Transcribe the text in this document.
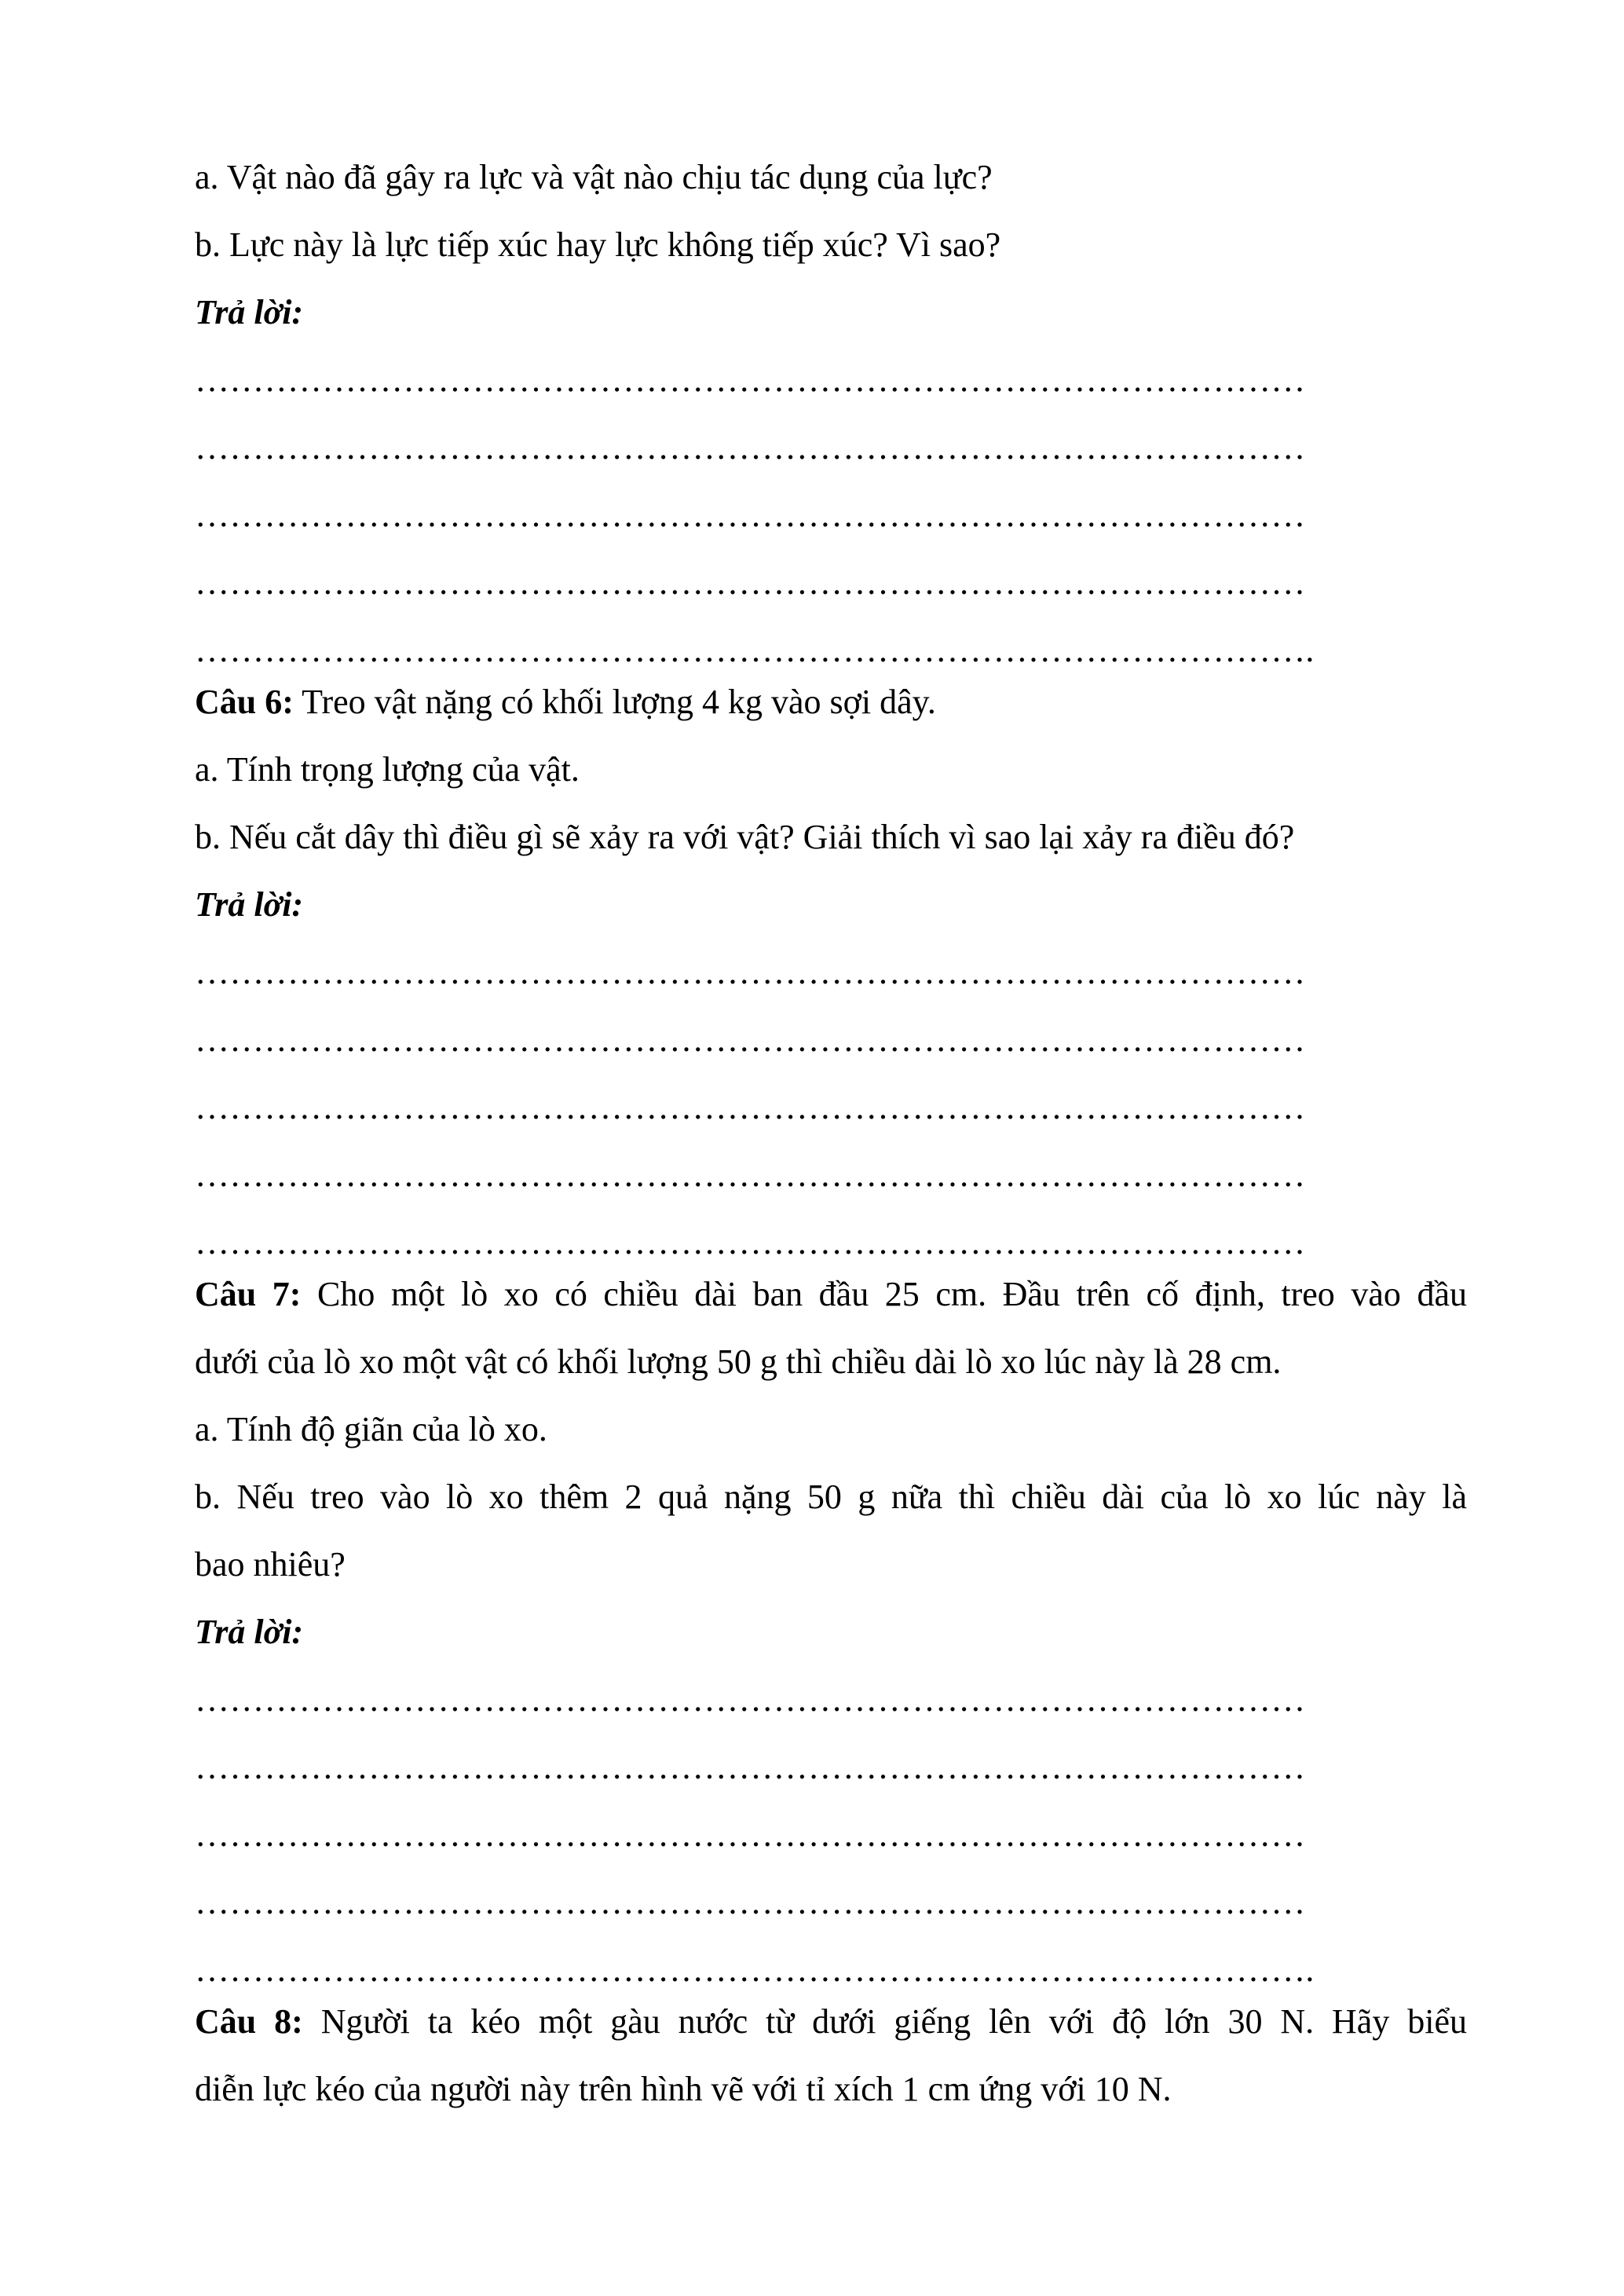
a. Vật nào đã gây ra lực và vật nào chịu tác dụng của lực?
b. Lực này là lực tiếp xúc hay lực không tiếp xúc? Vì sao?
Trả lời:
……………………………………………………………………………………
……………………………………………………………………………………
……………………………………………………………………………………
……………………………………………………………………………………
…………………………………………………………………………………….
Câu 6: Treo vật nặng có khối lượng 4 kg vào sợi dây.
a. Tính trọng lượng của vật.
b. Nếu cắt dây thì điều gì sẽ xảy ra với vật? Giải thích vì sao lại xảy ra điều đó?
Trả lời:
……………………………………………………………………………………
……………………………………………………………………………………
……………………………………………………………………………………
……………………………………………………………………………………
……………………………………………………………………………………
Câu 7: Cho một lò xo có chiều dài ban đầu 25 cm. Đầu trên cố định, treo vào đầu
dưới của lò xo một vật có khối lượng 50 g thì chiều dài lò xo lúc này là 28 cm.
a. Tính độ giãn của lò xo.
b. Nếu treo vào lò xo thêm 2 quả nặng 50 g nữa thì chiều dài của lò xo lúc này là
bao nhiêu?
Trả lời:
……………………………………………………………………………………
……………………………………………………………………………………
……………………………………………………………………………………
……………………………………………………………………………………
…………………………………………………………………………………….
Câu 8: Người ta kéo một gàu nước từ dưới giếng lên với độ lớn 30 N. Hãy biểu
diễn lực kéo của người này trên hình vẽ với tỉ xích 1 cm ứng với 10 N.
